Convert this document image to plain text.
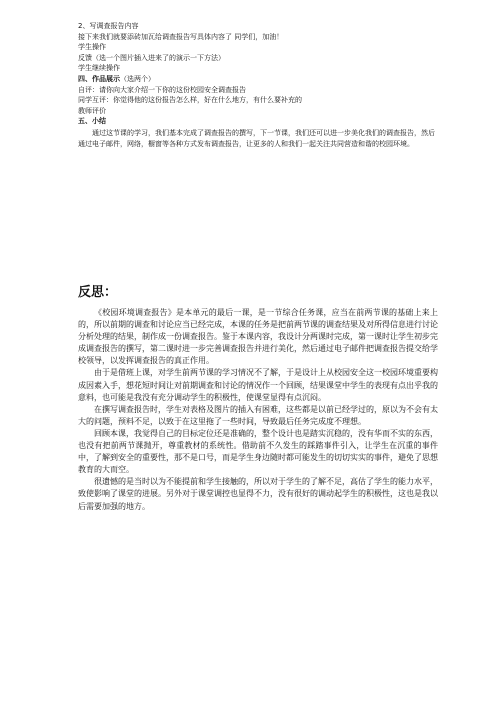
2、写调查报告内容
接下来我们就要添砖加瓦给调查报告写具体内容了 同学们，加油！
学生操作
反馈（选一个图片插入进来了的演示一下方法）
学生继续操作
四、作品展示（选两个）
自评：请你向大家介绍一下你的这份校园安全调查报告
同学互评：你觉得他的这份报告怎么样，好在什么地方，有什么要补充的
教师评价
五、小结
通过这节课的学习，我们基本完成了调查报告的撰写，下一节课，我们还可以进一步美化我们的调查报告，然后通过电子邮件，网络，橱窗等各种方式发布调查报告，让更多的人和我们一起关注共同营造和谐的校园环境。
反思：

《校园环境调查报告》是本单元的最后一课，是一节综合任务课，应当在前两节课的基础上来上的，所以前期的调查和讨论应当已经完成，本课的任务是把前两节课的调查结果及对所得信息进行讨论分析处理的结果，制作成一份调查报告。鉴于本课内容，我设计分两课时完成，第一课时让学生初步完成调查报告的撰写，第二课时进一步完善调查报告并进行美化，然后通过电子邮件把调查报告提交给学校领导，以发挥调查报告的真正作用。

由于是借班上课，对学生前两节课的学习情况不了解，于是设计上从校园安全这一校园环境重要构成因素入手，想花短时间让对前期调查和讨论的情况作一个回顾，结果课堂中学生的表现有点出乎我的意料，也可能是我没有充分调动学生的积极性，使课堂显得有点沉闷。

在撰写调查报告时，学生对表格及图片的插入有困难，这些都是以前已经学过的，原以为不会有太大的问题，预料不足，以致于在这里拖了一些时间，导致最后任务完成度不理想。

回顾本课，我觉得自己的目标定位还是准确的，整个设计也是踏实沉稳的，没有华而不实的东西，也没有把前两节课抛开，尊重教材的系统性。借助前不久发生的踩踏事件引入，让学生在沉重的事件中，了解到安全的重要性，那不是口号，而是学生身边随时都可能发生的切切实实的事件，避免了思想教育的大而空。

很遗憾的是当时以为不能提前和学生接触的，所以对于学生的了解不足，高估了学生的能力水平，致使影响了课堂的进展。另外对于课堂调控也显得不力，没有很好的调动起学生的积极性，这也是我以后需要加强的地方。
